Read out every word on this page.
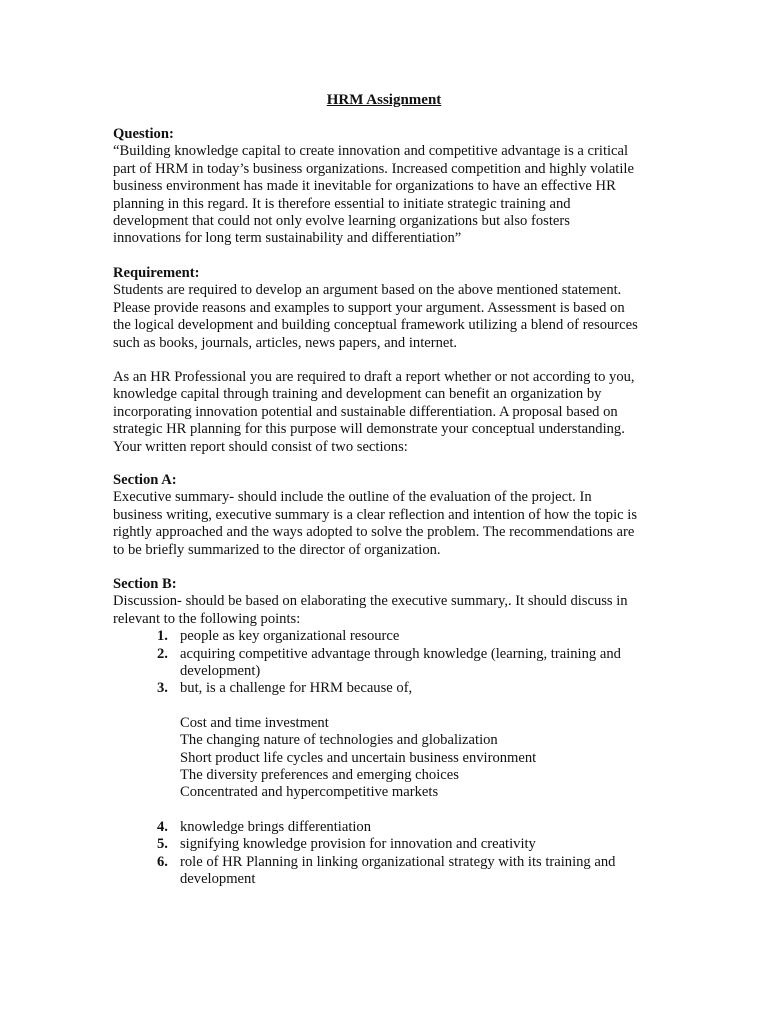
HRM Assignment

Question:

“Building knowledge capital to create innovation and competitive advantage is a critical
part of HRM in today’s business organizations. Increased competition and highly volatile
business environment has made it inevitable for organizations to have an effective HR
planning in this regard. It is therefore essential to initiate strategic training and
development that could not only evolve learning organizations but also fosters
innovations for long term sustainability and differentiation”

Requirement:

Students are required to develop an argument based on the above mentioned statement.
Please provide reasons and examples to support your argument. Assessment is based on
the logical development and building conceptual framework utilizing a blend of resources
such as books, journals, articles, news papers, and internet.

As an HR Professional you are required to draft a report whether or not according to you,
knowledge capital through training and development can benefit an organization by
incorporating innovation potential and sustainable differentiation. A proposal based on
strategic HR planning for this purpose will demonstrate your conceptual understanding.
Your written report should consist of two sections:

Section A:

Executive summary- should include the outline of the evaluation of the project. In
business writing, executive summary is a clear reflection and intention of how the topic is
rightly approached and the ways adopted to solve the problem. The recommendations are
to be briefly summarized to the director of organization.

Section B:

Discussion- should be based on elaborating the executive summary,. It should discuss in
relevant to the following points:

1. people as key organizational resource
2. acquiring competitive advantage through knowledge (learning, training and
development)
3. but, is a challenge for HRM because of,
Cost and time investment
The changing nature of technologies and globalization
Short product life cycles and uncertain business environment
The diversity preferences and emerging choices
Concentrated and hypercompetitive markets
4. knowledge brings differentiation
5. signifying knowledge provision for innovation and creativity
6. role of HR Planning in linking organizational strategy with its training and
development
